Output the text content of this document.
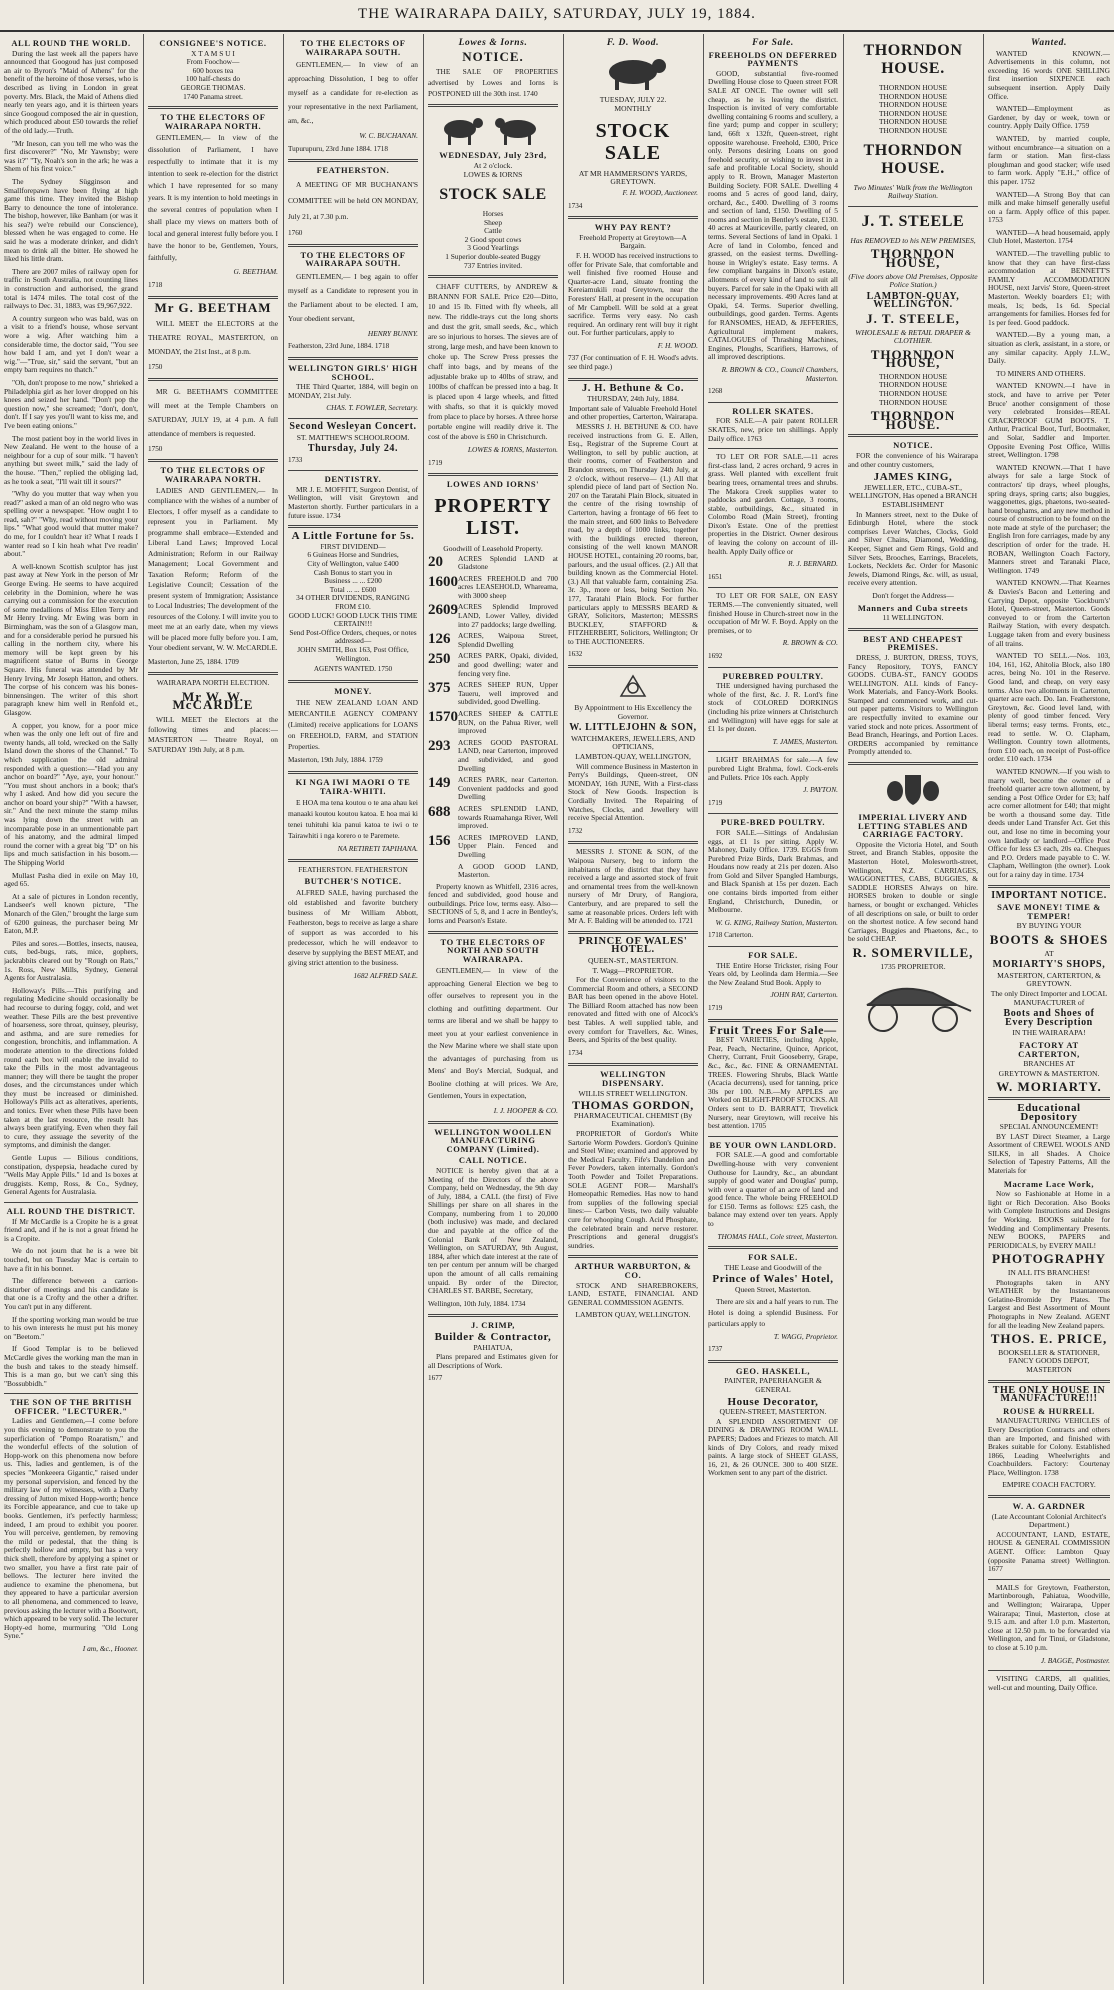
THE WAIRARAPA DAILY, SATURDAY, JULY 19, 1884.
ALL ROUND THE WORLD.
During the last week all the papers have announced that Googoud has just composed an air to Byron's "Maid of Athens" for the benefit of the heroine of those verses, who is described as living in London in great poverty. Mrs. Black, the Maid of Athens died nearly ten years ago, and it is thirteen years since Googoud composed the air in question, which produced about £50 towards the relief of the old lady.—Truth.
"Mr Ineson, can you tell me who was the first discoverer?" "No, Mr Yawnsby; were was it?" "Ty, Noah's son in the ark; he was a Shem of his first voice."
The Sydney Sügginson and Smallforepawn have been flying at high game this time. They invited the Bishop Barry to denounce the tone of intolerance. The bishop, however, like Banham (or was it his sea?) we're rebuild our Conscience), blessed when he was engaged to come. He said he was a moderate drinker, and didn't mean to drink all the bitter. He showed he liked his little dram.
There are 2007 miles of railway open for traffic in South Australia, not counting lines in construction and authorised, the grand total is 1474 miles. The total cost of the railways to Dec. 31, 1883, was £9,967,922.
A country surgeon who was bald, was on a visit to a friend's house, whose servant wore a wig. After watching him a considerable time, the doctor said, "You see how bald I am, and yet I don't wear a wig."—"True, sir," said the servant, "but an empty barn requires no thatch."
"Oh, don't propose to me now," shrieked a Philadelphia girl as her lover dropped on his knees and seized her hand. "Don't pop the question now," she screamed; "don't, don't, don't. If I say yes you'll want to kiss me, and I've been eating onions."
The most patient boy in the world lives in New Zealand. He went to the house of a neighbour for a cup of sour milk. "I haven't anything but sweet milk," said the lady of the house. "Then," replied the obliging lad, as he took a seat, "I'll wait till it sours?"
"Why do you mutter that way when you read?" asked a man of an old negro who was spelling over a newspaper. "How ought I to read, sah?" "Why, read without moving your lips." "What good would that mutter make? do me, for I couldn't hear it? What I reads I wanter read so I kin heah what I've readin' about."
A well-known Scottish sculptor has just past away at New York in the person of Mr George Ewing. He seems to have acquired celebrity in the Dominion, where he was carrying out a commission for the execution of some medallions of Miss Ellen Terry and Mr Henry Irving. Mr Ewing was born in Birmingham, was the son of a Glasgow man, and for a considerable period he pursued his calling in the northern city, where his memory will be kept green by his magnificent statue of Burns in George Square. His funeral was attended by Mr Henry Irving, Mr Joseph Hatton, and others. The corpse of his concern was his bones-binnensingen. The writer of this short paragraph knew him well in Renfold et., Glasgow.
A copper, you know, for a poor mice when was the only one left out of fire and twenty hands, all told, wrecked on the Sally Island down the shores of the Channel." To which supplication the old admiral responded with a question:—"Had you any anchor on board?" "Aye, aye, your honour." "You must shout anchors in a book; that's why I asked. And how did you secure the anchor on board your ship?" "With a hawser, sir." And the next minute the stamp milus was lying down the street with an incomparable pose in an unmentionable part of his anatomy, and the admiral limped round the corner with a great big "D" on his lips and much satisfaction in his bosom.—The Shipping World
Mullast Pasha died in exile on May 10, aged 65.
At a sale of pictures in London recently, Landseer's well known picture, "The Monarch of the Glen," brought the large sum of 6200 guineas, the purchaser being Mr Eaton, M.P.
Piles and sores.—Bottles, insects, nausea, cuts, bed-bugs, rats, mice, gophers, jackrabbits cleared out by "Rough on Rats," 1s. Ross, New Mills, Sydney, General Agents for Australasia.
Holloway's Pills.—This purifying and regulating Medicine should occasionally be had recourse to during foggy, cold, and wet weather. These Pills are the best preventive of hoarseness, sore throat, quinsey, pleurisy, and asthma, and are sure remedies for congestion, bronchitis, and inflammation. A moderate attention to the directions folded round each box will enable the invalid to take the Pills in the most advantageous manner; they will there be taught the proper doses, and the circumstances under which they must be increased or diminished. Holloway's Pills act as alteratives, aperients, and tonics. Ever when these Pills have been taken at the last resource, the result has always been gratifying. Even when they fail to cure, they assuage the severity of the symptoms, and diminish the danger.
Gentle Lupus — Bilious conditions, constipation, dyspepsia, headache cured by "Wells May Apple Pills." 1d and 1s boxes at druggists. Kemp, Ross, & Co., Sydney, General Agents for Australasia.
ALL ROUND THE DISTRICT.
If Mr McCardle is a Cropite he is a great friend and, and if he is not a great friend he is a Cropite.
We do not journ that he is a wee bit touched, but on Tuesday Mac is certain to have a fit in his bonnet.
The difference between a carrion-disturber of meetings and his candidate is that one is a Crofty and the other a drifter. You can't put in any different.
If the sporting working man would be true to his own interests he must put his money on "Beetom."
If Good Templar is to be believed McCardle gives the working man the man in the bush and takes to the steady himself. This is a man go, but we can't sing this "Bossubbidh."
THE SON OF THE BRITISH OFFICER. "LECTURER."
Ladies and Gentlemen,—I come before you this evening to demonstrate to you the superficiation of "Pompo Roaratism," and the wonderful effects of the solution of Hopp-work on this phenomena now before us. This, ladies and gentlemen, is of the species "Monkeeera Gigantic," raised under my personal supervision, and fenced by the military law of my witnesses, with a Darby dressing of Jutton mixed Hopp-worth; hence its Forcible appearance, and cue to take up books. Gentlemen, it's perfectly harmless; indeed, I am proud to exhibit you poorer. You will perceive, gentlemen, by removing the mild or pedestal, that the thing is perfectly hollow and empty, but has a very thick shell, therefore by applying a spinet or two smaller, you have a first rate pair of bellows. The lecturer here invited the audience to examine the phenomena, but they appeared to have a particular aversion to all phenomena, and commenced to leave, previous asking the lecturer with a Bootwort, which appeared to be very solid. The lecturer Hopty-ed home, murmuring "Old Long Syne."
I am, &c., Hooner.
CONSIGNEE'S NOTICE.
X T A M S U I
From Foochow—
600 boxes tea
100 half-chests do
GEORGE THOMAS.
1740 Panama street.
TO THE ELECTORS OF WAIRARAPA NORTH.
GENTLEMEN,— In view of the dissolution of Parliament, I have respectfully to intimate that it is my intention to seek re-election for the district which I have represented for so many years. It is my intention to hold meetings in the several centres of population when I shall place my views on matters both of local and general interest fully before you. I have the honor to be, Gentlemen, Yours, faithfully,
G. BEETHAM.
1718
Mr G. BEETHAM
WILL MEET the ELECTORS at the THEATRE ROYAL, MASTERTON, on MONDAY, the 21st Inst., at 8 p.m.
1750
MR G. BEETHAM'S COMMITTEE will meet at the Temple Chambers on SATURDAY, JULY 19, at 4 p.m. A full attendance of members is requested.
1750
TO THE ELECTORS OF WAIRARAPA NORTH.
LADIES AND GENTLEMEN,— In compliance with the wishes of a number of Electors, I offer myself as a candidate to represent you in Parliament. My programme shall embrace—Extended and Liberal Land Laws; Improved Local Administration; Reform in our Railway Management; Local Government and Taxation Reform; Reform of the Legislative Council; Cessation of the present system of Immigration; Assistance to Local Industries; The development of the resources of the Colony. I will invite you to meet me at an early date, when my views will be placed more fully before you. I am, Your obedient servant, W. W. McCARDLE.
Masterton, June 25, 1884. 1709
WAIRARAPA NORTH ELECTION.
Mr W. W. McCARDLE
WILL MEET the Electors at the following times and places:— MASTERTON — Theatre Royal, on SATURDAY 19th July, at 8 p.m.
TO THE ELECTORS OF WAIRARAPA SOUTH.
GENTLEMEN,— In view of an approaching Dissolution, I beg to offer myself as a candidate for re-election as your representative in the next Parliament, am, &c.,
W. C. BUCHANAN.
Tupurupuru, 23rd June 1884. 1718
FEATHERSTON.
A MEETING OF MR BUCHANAN'S COMMITTEE will be held ON MONDAY, July 21, at 7.30 p.m.
1760
TO THE ELECTORS OF WAIRARAPA SOUTH.
GENTLEMEN,— I beg again to offer myself as a Candidate to represent you in the Parliament about to be elected. I am, Your obedient servant,
HENRY BUNNY.
Featherston, 23rd June, 1884. 1718
WELLINGTON GIRLS' HIGH SCHOOL.
THE Third Quarter, 1884, will begin on MONDAY, 21st July.
CHAS. T. FOWLER, Secretary.
Second Wesleyan Concert.
ST. MATTHEW'S SCHOOLROOM.
Thursday, July 24.
1733
DENTISTRY.
MR J. E. MOFFITT, Surgeon Dentist, of Wellington, will visit Greytown and Masterton shortly. Further particulars in a future issue. 1734
A Little Fortune for 5s.
FIRST DIVIDEND—
6 Guineas Horse and Sundries,
City of Wellington, value £400
Cash Bonus to start you in
Business ... ... £200
Total ... ... £600
34 OTHER DIVIDENDS, RANGING FROM £10.
GOOD LUCK! GOOD LUCK THIS TIME CERTAIN!!!
Send Post-Office Orders, cheques, or notes addressed—
JOHN SMITH, Box 163, Post Office, Wellington.
AGENTS WANTED. 1750
MONEY.
THE NEW ZEALAND LOAN AND MERCANTILE AGENCY COMPANY (Limited) receive applications for LOANS on FREEHOLD, FARM, and STATION Properties.
Masterton, 19th July, 1884. 1759
KI NGA IWI MAORI O TE TAIRA-WHITI.
E HOA ma tena koutou o te ana ahau kei manaaki koutou koutou katoa. E hoa mai ki tenei tuhituhi kia panui katoa te iwi o te Tairawhiti i nga korero o te Paremete.
NA RETIRETI TAPIHANA.
FEATHERSTON. FEATHERSTON
BUTCHER'S NOTICE.
ALFRED SALE, having purchased the old established and favorite butchery business of Mr William Abbott, Featherston, begs to receive as large a share of support as was accorded to his predecessor, which he will endeavor to deserve by supplying the BEST MEAT, and giving strict attention to the business.
1682 ALFRED SALE.
Lowes & Iorns.
NOTICE.
THE SALE OF PROPERTIES advertised by Lowes and Iorns is POSTPONED till the 30th inst. 1740
WEDNESDAY, July 23rd,
At 2 o'clock.
LOWES & IORNS
STOCK SALE
Horses
Sheep
Cattle
2 Good spout cows
3 Good Yearlings
1 Superior double-seated Buggy
737 Entries invited.
CHAFF CUTTERS, by ANDREW & BRANNN FOR SALE. Price £20—Ditto, 10 and 15 lb. Fitted with fly wheels, all new. The riddle-trays cut the long shorts and dust the grit, small seeds, &c., which are so injurious to horses. The sieves are of strong, large mesh, and have been known to choke up. The Screw Press presses the chaff into bags, and by means of the adjustable brake up to 40lbs of straw, and 100lbs of chaffcan be pressed into a bag. It is placed upon 4 large wheels, and fitted with shafts, so that it is quickly moved from place to place by horses. A three horse portable engine will readily drive it. The cost of the above is £60 in Christchurch.
LOWES & IORNS, Masterton.
1719
LOWES AND IORNS'
PROPERTY LIST.
Goodwill of Leasehold Property.
20	ACRES Splendid LAND at Gladstone
1600 ACRES FREEHOLD and 700 acres LEASEHOLD, Whareama, with 3000 sheep
2609 ACRES Splendid Improved LAND, Lower Valley, divided into 27 paddocks; large dwelling.
126	ACRES, Waipoua Street, Splendid Dwelling
250	ACRES PARK, Opaki, divided, and good dwelling; water and fencing very fine.
375	ACRES SHEEP RUN, Upper Taueru, well improved and subdivided, good Dwelling.
1570 ACRES SHEEP & CATTLE RUN, on the Pahua River, well improved
293	ACRES GOOD PASTORAL LAND, near Carterton, improved and subdivided, and good Dwelling
149	ACRES PARK, near Carterton. Convenient paddocks and good Dwelling
688	ACRES SPLENDID LAND, towards Ruamahanga River, Well improved.
156	ACRES IMPROVED LAND, Upper Plain. Fenced and Dwelling
A GOOD GOOD LAND, Masterton.
Property known as Whitfell, 2316 acres, fenced and subdivided, good house and outbuildings. Price low, terms easy. Also— SECTIONS of 5, 8, and 1 acre in Bentley's, Iorns and Pearson's Estate.
TO THE ELECTORS OF NORTH AND SOUTH WAIRARAPA.
GENTLEMEN,— In view of the approaching General Election we beg to offer ourselves to represent you in the clothing and outfitting department. Our terms are liberal and we shall be happy to meet you at your earliest convenience in the New Marine where we shall state upon the advantages of purchasing from us Mens' and Boy's Mercial, Sudqual, and Booline clothing at will prices. We Are, Gentlemen, Yours in expectation,
I. J. HOOPER & CO.
WELLINGTON WOOLLEN MANUFACTURING COMPANY (Limited).
CALL NOTICE.
NOTICE is hereby given that at a Meeting of the Directors of the above Company, held on Wednesday, the 9th day of July, 1884, a CALL (the first) of Five Shillings per share on all shares in the Company, numbering from 1 to 20,000 (both inclusive) was made, and declared due and payable at the office of the Colonial Bank of New Zealand, Wellington, on SATURDAY, 9th August, 1884, after which date interest at the rate of ten per centum per annum will be charged upon the amount of all calls remaining unpaid. By order of the Director, CHARLES ST. BARBE, Secretary,
Wellington, 10th July, 1884. 1734
J. CRIMP,
Builder & Contractor,
PAHIATUA,
Plans prepared and Estimates given for all Descriptions of Work.
1677
F. D. Wood.
TUESDAY, JULY 22.
MONTHLY
STOCK SALE
AT MR HAMMERSON'S YARDS, GREYTOWN.
F. H. WOOD, Auctioneer.
1734
WHY PAY RENT?
Freehold Property at Greytown—A Bargain.
F. H. WOOD has received instructions to offer for Private Sale, that comfortable and well finished five roomed House and Quarter-acre Land, situate fronting the Kereiamukili road Greytown, near the Foresters' Hall, at present in the occupation of Mr Campbell. Will be sold at a great sacrifice. Terms very easy. No cash required. An ordinary rent will buy it right out. For further particulars, apply to
F. H. WOOD.
737 (For continuation of F. H. Wood's advts. see third page.)
J. H. Bethune & Co.
THURSDAY, 24th July, 1884.
Important sale of Valuable Freehold Hotel and other properties, Carterton, Wairarapa.
MESSRS J. H. BETHUNE & CO. have received instructions from G. E. Allen, Esq., Registrar of the Supreme Court at Wellington, to sell by public auction, at their rooms, corner of Featherston and Brandon streets, on Thursday 24th July, at 2 o'clock, without reserve— (1.) All that splendid piece of land part of Section No. 207 on the Taratahi Plain Block, situated in the centre of the rising township of Carterton, having a frontage of 66 feet to the main street, and 600 links to Belvedere road, by a depth of 1000 links, together with the buildings erected thereon, consisting of the well known MANOR HOUSE HOTEL, containing 20 rooms, bar, parlours, and the usual offices. (2.) All that building known as the Commercial Hotel. (3.) All that valuable farm, containing 25a. 3r. 3p., more or less, being Section No. 177, Taratahi Plain Block. For further particulars apply to MESSRS BEARD & GRAY, Solicitors, Masterton; MESSRS BUCKLEY, STAFFORD & FITZHERBERT, Solicitors, Wellington; Or to THE AUCTIONEERS.
1632
By Appointment to His Excellency the Governor.
W. LITTLEJOHN & SON,
WATCHMAKERS, JEWELLERS, AND OPTICIANS,
LAMBTON-QUAY, WELLINGTON,
Will commence Business in Masterton in Perry's Buildings, Queen-street, ON MONDAY, 16th JUNE, With a First-class Stock of New Goods. Inspection is Cordially Invited. The Repairing of Watches, Clocks, and Jewellery will receive Special Attention.
1732
MESSRS J. STONE & SON, of the Waipoua Nursery, beg to inform the inhabitants of the district that they have received a large and assorted stock of fruit and ornamental trees from the well-known nursery of Mr Drury, of Rangiora, Canterbury, and are prepared to sell the same at reasonable prices. Orders left with Mr A. F. Balding will be attended to. 1721
PRINCE OF WALES' HOTEL.
QUEEN-ST., MASTERTON.
T. Wagg—PROPRIETOR.
For the Convenience of visitors to the Commercial Room and others, a SECOND BAR has been opened in the above Hotel. The Billiard Room attached has now been renovated and fitted with one of Alcock's best Tables. A well supplied table, and every comfort for Travellers, &c. Wines, Beers, and Spirits of the best quality.
1734
WELLINGTON DISPENSARY.
WILLIS STREET WELLINGTON.
THOMAS GORDON,
PHARMACEUTICAL CHEMIST (By Examination).
PROPRIETOR of Gordon's White Sartorie Worm Powders. Gordon's Quinine and Steel Wine; examined and approved by the Medical Faculty. Fife's Dandelion and Fever Powders, taken internally. Gordon's Tooth Powder and Toilet Preparations. SOLE AGENT FOR— Marshall's Homeopathic Remedies. Has now to hand from supplies of the following special lines:— Carbon Vests, two daily valuable cure for whooping Cough. Acid Phosphate, the celebrated brain and nerve restorer. Prescriptions and general druggist's sundries.
ARTHUR WARBURTON, & CO.
STOCK AND SHAREBROKERS, LAND, ESTATE, FINANCIAL AND GENERAL COMMISSION AGENTS.
LAMBTON QUAY, WELLINGTON.
For Sale.
FREEHOLDS ON DEFERRED PAYMENTS
GOOD, substantial five-roomed Dwelling House close to Queen street FOR SALE AT ONCE. The owner will sell cheap, as he is leaving the district. Inspection is invited of very comfortable dwelling containing 6 rooms and scullery, a fine yard; pump and copper in scullery; land, 66ft x 132ft, Queen-street, right opposite warehouse. Freehold, £300, Price only. Persons desiring Loans on good freehold security, or wishing to invest in a safe and profitable Local Society, should apply to R. Brown, Manager Masterton Building Society. FOR SALE. Dwelling 4 rooms and 5 acres of good land, dairy, orchard, &c., £400. Dwelling of 3 rooms and section of land, £150. Dwelling of 5 rooms and section in Bentley's estate, £130. 40 acres at Mauriceville, partly cleared, on terms. Several Sections of land in Opaki. 1 Acre of land in Colombo, fenced and grassed, on the easiest terms. Dwelling-house in Wrigley's estate. Easy terms. A few compliant bargains in Dixon's estate, allotments of every kind of land to suit all buyers. Parcel for sale in the Opaki with all necessary improvements. 490 Acres land at Opaki, £4. Terms. Superior dwelling, outbuildings, good garden. Terms. Agents for RANSOMES, HEAD, & JEFFERIES, Agricultural implement makers, CATALOGUES of Thrashing Machines, Engines, Ploughs, Scarifiers, Harrows, of all improved descriptions.
R. BROWN & CO., Council Chambers, Masterton.
1268
ROLLER SKATES.
FOR SALE.—A pair patent ROLLER SKATES, new, price ten shillings. Apply Daily office. 1763
TO LET OR FOR SALE.—11 acres first-class land, 2 acres orchard, 9 acres in grass. Well planted with excellent fruit bearing trees, ornamental trees and shrubs. The Makora Creek supplies water to paddocks and garden. Cottage, 3 rooms, stable, outbuildings, &c., situated in Colombo Road (Main Street), fronting Dixon's Estate. One of the prettiest properties in the District. Owner desirous of leaving the colony on account of ill-health. Apply Daily office or
R. J. BERNARD.
1651
TO LET OR FOR SALE, ON EASY TERMS.—The conveniently situated, well finished House in Church-street now in the occupation of Mr W. F. Boyd. Apply on the premises, or to
R. BROWN & CO.
1692
PUREBRED POULTRY.
THE undersigned having purchased the whole of the first, &c. J. R. Lord's fine stock of COLORED DORKINGS (including his prize winners at Christchurch and Wellington) will have eggs for sale at £1 1s per dozen.
T. JAMES, Masterton.
LIGHT BRAHMAS for sale.—A few purebred Light Brahma, fowl. Cock-erels and Pullets. Price 10s each. Apply
J. PAYTON.
1719
PURE-BRED POULTRY.
FOR SALE.—Sittings of Andalusian eggs, at £1 1s per sitting. Apply W. Mahoney, Daily Office. 1739. EGGS from Purebred Prize Birds, Dark Brahmas, and Houdans now ready at 21s per dozen. Also from Gold and Silver Spangled Hamburgs, and Black Spanish at 15s per dozen. Each one contains birds imported from either England, Christchurch, Dunedin, or Melbourne.
W. G. KING, Railway Station, Masterton.
1718 Carterton.
FOR SALE.
THE Entire Horse Trickster, rising Four Years old, by Leolinda dam Hermia.—See the New Zealand Stud Book. Apply to
JOHN RAY, Carterton.
1719
Fruit Trees For Sale—
BEST VARIETIES, including Apple, Pear, Peach, Nectarine, Quince, Apricot, Cherry, Currant, Fruit Gooseberry, Grape, &c., &c., &c. FINE & ORNAMENTAL TREES. Flowering Shrubs, Black Wattle (Acacia decurrens), used for tanning, price 30s per 100. N.B.—My APPLES are Worked on BLIGHT-PROOF STOCKS. All Orders sent to D. BARRATT, Trevelick Nursery, near Greytown, will receive his best attention. 1705
BE YOUR OWN LANDLORD.
FOR SALE.—A good and comfortable Dwelling-house with very convenient Outhouse for Laundry, &c., an abundant supply of good water and Douglas' pump, with over a quarter of an acre of land and good fence. The whole being FREEHOLD for £150. Terms as follows: £25 cash, the balance may extend over ten years. Apply to
THOMAS HALL, Cole street, Masterton.
FOR SALE.
THE Lease and Goodwill of the
Prince of Wales' Hotel,
Queen Street, Masterton.
There are six and a half years to run. The Hotel is doing a splendid Business. For particulars apply to
T. WAGG, Proprietor.
1737
GEO. HASKELL,
PAINTER, PAPERHANGER & GENERAL
House Decorator,
QUEEN-STREET, MASTERTON.
A SPLENDID ASSORTMENT OF DINING & DRAWING ROOM WALL PAPERS; Dadoes and Friezes to match. All kinds of Dry Colors, and ready mixed paints. A large stock of SHEET GLASS, 16, 21, & 26 OUNCE. 300 to 400 SIZE. Workmen sent to any part of the district.
THORNDON HOUSE.
THORNDON HOUSE
THORNDON HOUSE
THORNDON HOUSE
THORNDON HOUSE
THORNDON HOUSE
THORNDON HOUSE
THORNDON HOUSE.
Two Minutes' Walk from the Wellington Railway Station.
J. T. STEELE
Has REMOVED to his NEW PREMISES,
THORNDON HOUSE,
(Five doors above Old Premises, Opposite Police Station.)
LAMBTON-QUAY, WELLINGTON.
J. T. STEELE,
WHOLESALE & RETAIL DRAPER & CLOTHIER.
THORNDON HOUSE,
THORNDON HOUSE
THORNDON HOUSE
THORNDON HOUSE
THORNDON HOUSE
THORNDON HOUSE.
NOTICE.
FOR the convenience of his Wairarapa and other country customers,
JAMES KING,
JEWELLER, ETC., CUBA-ST., WELLINGTON, Has opened a BRANCH ESTABLISHMENT
In Manners street, next to the Duke of Edinburgh Hotel, where the stock comprises Lever Watches, Clocks, Gold and Silver Chains, Diamond, Wedding, Keeper, Signet and Gem Rings, Gold and Silver Sets, Brooches, Earrings, Bracelets, Lockets, Necklets &c. Order for Masonic Jewels, Diamond Rings, &c. will, as usual, receive every attention.
Don't forget the Address—
Manners and Cuba streets
11 WELLINGTON.
BEST AND CHEAPEST PREMISES.
DRESS, J. BURTON, DRESS, TOYS, Fancy Repository, TOYS, FANCY GOODS. CUBA-ST., FANCY GOODS WELLINGTON. ALL kinds of Fancy-Work Materials, and Fancy-Work Books. Stamped and commenced work, and cut-out paper patterns. Visitors to Wellington are respectfully invited to examine our varied stock and note prices. Assortment of Bead Branch, Hearings, and Portion Laces. ORDERS accompanied by remittance Promptly attended to.
IMPERIAL LIVERY AND LETTING STABLES AND CARRIAGE FACTORY.
Opposite the Victoria Hotel, and South Street, and Branch Stables, opposite the Masterton Hotel, Molesworth-street, Wellington, N.Z. CARRIAGES, WAGGONETTES, CABS, BUGGIES, & SADDLE HORSES Always on hire. HORSES broken to double or single harness, or bought or exchanged. Vehicles of all descriptions on sale, or built to order on the shortest notice. A few second hand Carriages, Buggies and Phaetons, &c., to be sold CHEAP.
R. SOMERVILLE,
1735 PROPRIETOR.
Wanted.
WANTED KNOWN.—Advertisements in this column, not exceeding 16 words ONE SHILLING first insertion SIXPENCE each subsequent insertion. Apply Daily Office.
WANTED—Employment as Gardener, by day or week, town or country. Apply Daily Office. 1759
WANTED, by married couple, without encumbrance—a situation on a farm or station. Man first-class ploughman and good stacker; wife used to farm work. Apply "E.H.," office of this paper. 1752
WANTED—A Strong Boy that can milk and make himself generally useful on a farm. Apply office of this paper. 1753
WANTED—A head housemaid, apply Club Hotel, Masterton. 1754
WANTED.—The travelling public to know that they can have first-class accommodation at BENNETT'S FAMILY ACCOMMODATION HOUSE, next Jarvis' Store, Queen-street Masterton. Weekly boarders £1; with meals, 1s; beds, 1s 6d. Special arrangements for families. Horses fed for 1s per feed. Good paddock.
WANTED.—By a young man, a situation as clerk, assistant, in a store, or any similar capacity. Apply J.L.W., Daily.
TO MINERS AND OTHERS.
WANTED KNOWN.—I have in stock, and have to arrive per 'Peter Bruce' another consignment of those very celebrated Ironsides—REAL CRACKPROOF GUM BOOTS. T. Arthur, Practical Boot, Turf, Bootmaker, and Solar, Saddler and Importer. Opposite Evening Post Office, Willis street, Wellington. 1798
WANTED KNOWN.—That I have always for sale a large Stock of contractors' tip drays, wheel ploughs, spring drays, spring carts; also buggies, waggonettes, gigs, phaetons, two-seated-hand broughams, and any new method in course of construction to be found on the note made at style of the purchaser; the English Iron fore carriages, made by any description of order for the trade. H. ROBAN, Wellington Coach Factory, Manners street and Taranaki Place, Wellington. 1749
WANTED KNOWN.—That Kearnes & Davies's Bacon and Lettering and Carrying Depot, opposite 'Gockburn's' Hotel, Queen-street, Masterton. Goods conveyed to or from the Carterton Railway Station, with every despatch. Luggage taken from and every business of all trains.
WANTED TO SELL.—Nos. 103, 104, 161, 162, Ahitolia Block, also 180 acres, being No. 101 in the Reserve. Good land, and cheap, on very easy terms. Also two allotments in Carterton, quarter acre each. Do. Ian. Featherstone, Greytown, &c. Good level land, with plenty of good timber fenced. Very liberal terms; easy terms. Fronts, etc., read to settle. W. O. Clapham, Wellington. Country town allotments, from £10 each, on receipt of Post-office order. £10 each. 1734
WANTED KNOWN.—If you wish to marry well, become the owner of a freehold quarter acre town allotment, by sending a Post Office Order for £3; half acre corner allotment for £40; that might be worth a thousand some day. Title deeds under Land Transfer Act. Get this out, and lose no time in becoming your own landlady or landlord—Office Post Office for less £3 each, 20s ea. Cheques and P.O. Orders made payable to C. W. Clapham, Wellington (the owner). Look out for a rainy day in time. 1734
IMPORTANT NOTICE.
SAVE MONEY! TIME & TEMPER!
BY BUYING YOUR
BOOTS & SHOES
AT
MORIARTY'S SHOPS,
MASTERTON, CARTERTON, & GREYTOWN.
The only Direct Importer and LOCAL MANUFACTURER of
Boots and Shoes of Every Description
IN THE WAIRARAPA!
FACTORY AT CARTERTON,
BRANCHES AT
GREYTOWN & MASTERTON.
W. MORIARTY.
Educational Depository
SPECIAL ANNOUNCEMENT!
BY LAST Direct Steamer, a Large Assortment of CREWEL WOOLS AND SILKS, in all Shades. A Choice Selection of Tapestry Patterns, All the Materials for
Macrame Lace Work,
Now so Fashionable at Home in a light or Rich Decoration. Also Books with Complete Instructions and Designs for Working. BOOKS suitable for Wedding and Complimentary Presents. NEW BOOKS, PAPERS and PERIODICALS, by EVERY MAIL!
PHOTOGRAPHY
IN ALL ITS BRANCHES!
Photographs taken in ANY WEATHER by the Instantaneous Gelatine-Bromide Dry Plates. The Largest and Best Assortment of Mount Photographs in New Zealand. AGENT for all the leading New Zealand papers.
THOS. E. PRICE,
BOOKSELLER & STATIONER, FANCY GOODS DEPOT, MASTERTON
THE ONLY HOUSE IN MANUFACTURE!!!
ROUSE & HURRELL
MANUFACTURING VEHICLES of Every Description Contracts and others than are Imported, and finished with Brakes suitable for Colony. Established 1866, Leading Wheelwrights and Coachbuilders. Factory: Courtenay Place, Wellington. 1738
EMPIRE COACH FACTORY.
W. A. GARDNER
(Late Accountant Colonial Architect's Department.)
ACCOUNTANT, LAND, ESTATE, HOUSE & GENERAL COMMISSION AGENT. Office: Lambton Quay (opposite Panama street) Wellington. 1677
MAILS for Greytown, Featherston, Martinborough, Pahiatua, Woodville, and Wellington; Wairarapa, Upper Wairarapa; Tinui, Masterton, close at 9.15 a.m. and after 1.0 p.m. Masterton, close at 12.50 p.m. to be forwarded via Wellington, and for Tinui, or Gladstone, to close at 5.10 p.m.
J. BAGGE, Postmaster.
VISITING CARDS, all qualities, well-cut and mounting, Daily Office.
